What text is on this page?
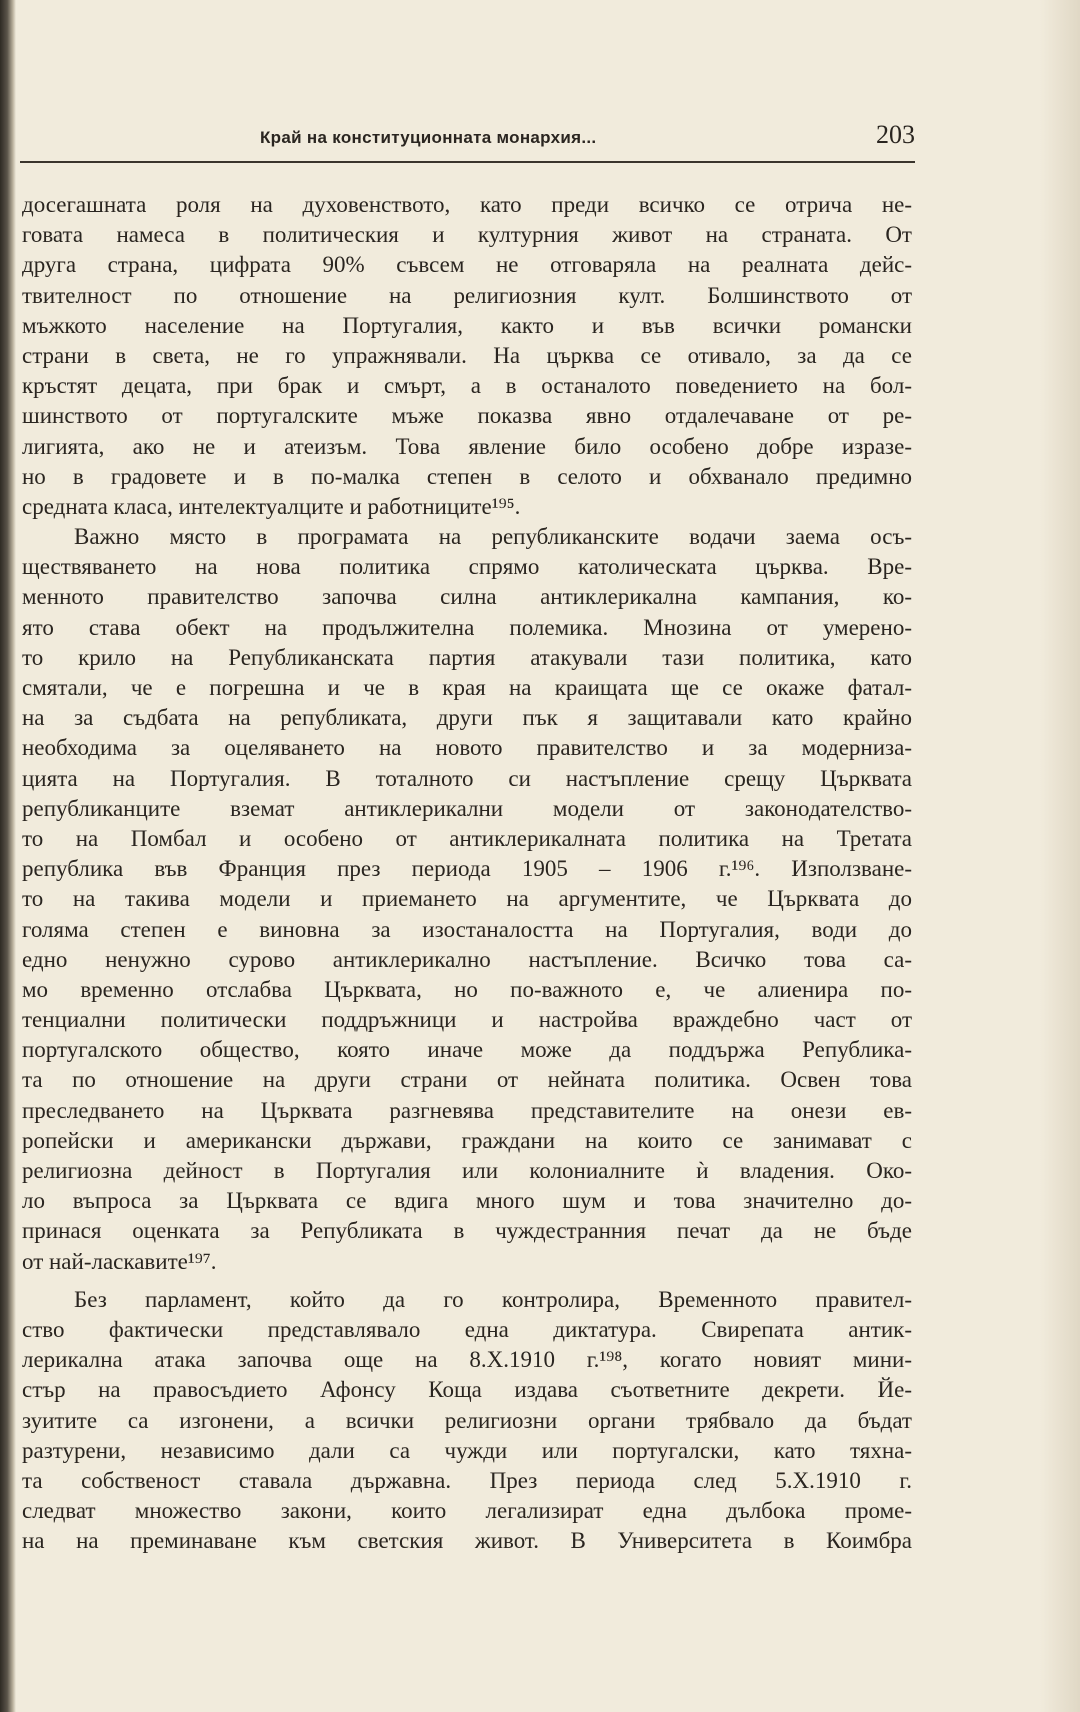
Край на конституционната монархия...	203
досегашната роля на духовенството, като преди всичко се отрича не-
говата намеса в политическия и културния живот на страната. От
друга страна, цифрата 90% съвсем не отговаряла на реалната дейс-
твителност по отношение на религиозния култ. Болшинството от
мъжкото население на Португалия, както и във всички романски
страни в света, не го упражнявали. На църква се отивало, за да се
кръстят децата, при брак и смърт, а в останалото поведението на бол-
шинството от португалските мъже показва явно отдалечаване от ре-
лигията, ако не и атеизъм. Това явление било особено добре изразе-
но в градовете и в по-малка степен в селото и обхванало предимно
средната класа, интелектуалците и работниците¹⁹⁵.
Важно място в програмата на републиканските водачи заема осъ-
ществяването на нова политика спрямо католическата църква. Вре-
менното правителство започва силна антиклерикална кампания, ко-
ято става обект на продължителна полемика. Мнозина от умерено-
то крило на Републиканската партия атакували тази политика, като
смятали, че е погрешна и че в края на краищата ще се окаже фатал-
на за съдбата на републиката, други пък я защитавали като крайно
необходима за оцеляването на новото правителство и за модерниза-
цията на Португалия. В тоталното си настъпление срещу Църквата
републиканците вземат антиклерикални модели от законодателство-
то на Помбал и особено от антиклерикалната политика на Третата
република във Франция през периода 1905 – 1906 г.¹⁹⁶. Използване-
то на такива модели и приемането на аргументите, че Църквата до
голяма степен е виновна за изостаналостта на Португалия, води до
едно ненужно сурово антиклерикално настъпление. Всичко това са-
мо временно отслабва Църквата, но по-важното е, че алиенира по-
тенциални политически поддръжници и настройва враждебно част от
португалското общество, която иначе може да поддържа Република-
та по отношение на други страни от нейната политика. Освен това
преследването на Църквата разгневява представителите на онези ев-
ропейски и американски държави, граждани на които се занимават с
религиозна дейност в Португалия или колониалните ѝ владения. Око-
ло въпроса за Църквата се вдига много шум и това значително до-
принася оценката за Републиката в чуждестранния печат да не бъде
от най-ласкавите¹⁹⁷.
Без парламент, който да го контролира, Временното правител-
ство фактически представлявало една диктатура. Свирепата антик-
лерикална атака започва още на 8.X.1910 г.¹⁹⁸, когато новият мини-
стър на правосъдието Афонсу Коща издава съответните декрети. Йе-
зуитите са изгонени, а всички религиозни органи трябвало да бъдат
разтурени, независимо дали са чужди или португалски, като тяхна-
та собственост ставала държавна. През периода след 5.X.1910 г.
следват множество закони, които легализират една дълбока проме-
на на преминаване към светския живот. В Университета в Коимбра
